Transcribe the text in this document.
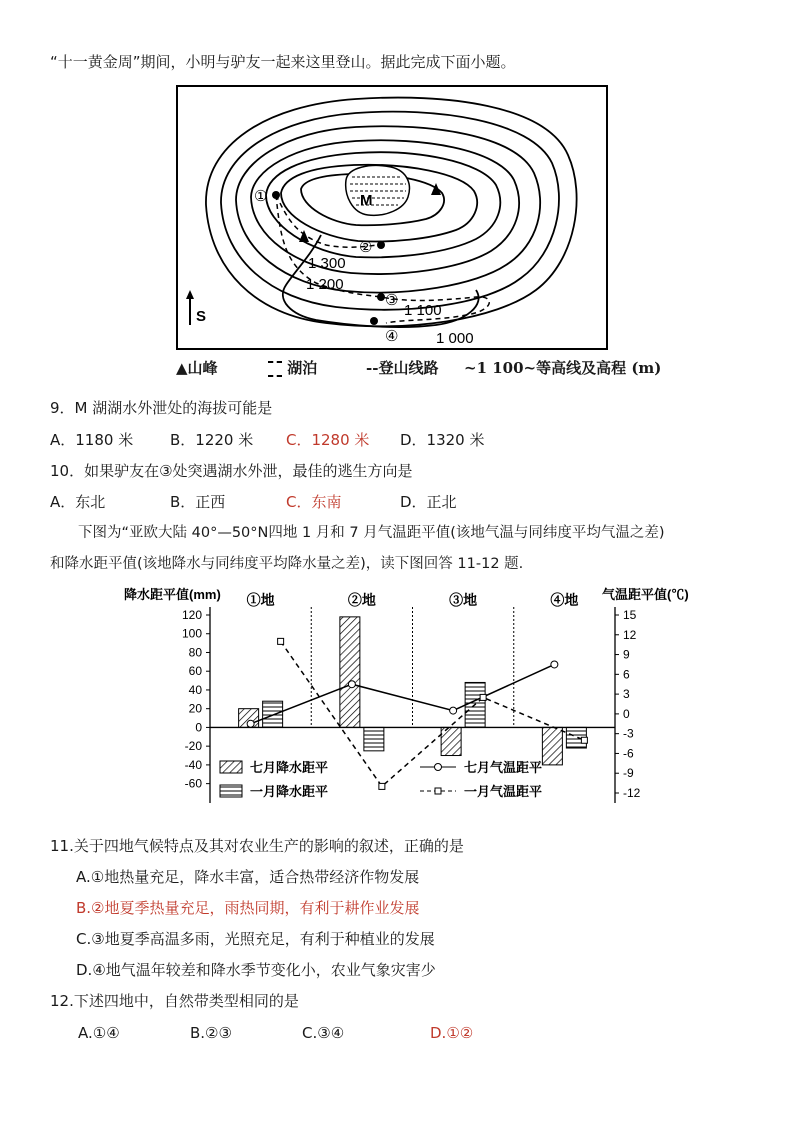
“十一黄金周”期间，小明与驴友一起来这里登山。据此完成下面小题。
M
①
②
③
④
1 300
1 200
1 100
1 000
S
▲山峰	湖泊	--登山线路 ~1 100~等高线及高程 (m)
9．M 湖湖水外泄处的海拔可能是
A．1180 米 B．1220 米 C．1280 米 D．1320 米
10．如果驴友在③处突遇湖水外泄，最佳的逃生方向是
A．东北	B．正西	C．东南	D．正北
下图为“亚欧大陆 40°—50°N四地 1 月和 7 月气温距平值(该地气温与同纬度平均气温之差)
和降水距平值(该地降水与同纬度平均降水量之差)，读下图回答 11-12 题.
降水距平值(mm)	气温距平值(℃)
120
100
80
60
40
20
0
-20
-40
-60
15
12
9
6
3
0
-3
-6
-9
-12
①地	②地	③地	④地
七月降水距平
一月降水距平
七月气温距平
一月气温距平
11.关于四地气候特点及其对农业生产的影响的叙述，正确的是
A.①地热量充足，降水丰富，适合热带经济作物发展
B.②地夏季热量充足，雨热同期，有利于耕作业发展
C.③地夏季高温多雨，光照充足，有利于种植业的发展
D.④地气温年较差和降水季节变化小，农业气象灾害少
12.下述四地中，自然带类型相同的是
A.①④	B.②③	C.③④	D.①②
